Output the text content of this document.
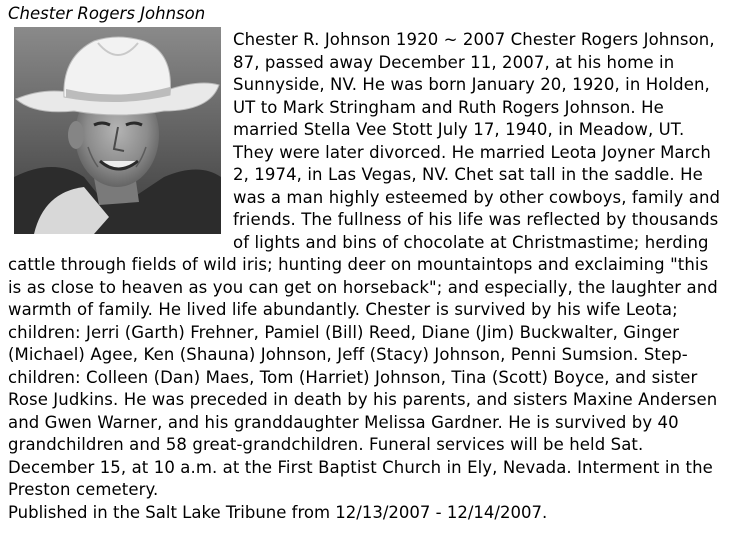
Chester Rogers Johnson

Chester R. Johnson 1920 ~ 2007 Chester Rogers Johnson, 87, passed away December 11, 2007, at his home in Sunnyside, NV. He was born January 20, 1920, in Holden, UT to Mark Stringham and Ruth Rogers Johnson. He married Stella Vee Stott July 17, 1940, in Meadow, UT. They were later divorced. He married Leota Joyner March 2, 1974, in Las Vegas, NV. Chet sat tall in the saddle. He was a man highly esteemed by other cowboys, family and friends. The fullness of his life was reflected by thousands of lights and bins of chocolate at Christmastime; herding cattle through fields of wild iris; hunting deer on mountaintops and exclaiming "this is as close to heaven as you can get on horseback"; and especially, the laughter and warmth of family. He lived life abundantly. Chester is survived by his wife Leota; children: Jerri (Garth) Frehner, Pamiel (Bill) Reed, Diane (Jim) Buckwalter, Ginger (Michael) Agee, Ken (Shauna) Johnson, Jeff (Stacy) Johnson, Penni Sumsion. Step-children: Colleen (Dan) Maes, Tom (Harriet) Johnson, Tina (Scott) Boyce, and sister Rose Judkins. He was preceded in death by his parents, and sisters Maxine Andersen and Gwen Warner, and his granddaughter Melissa Gardner. He is survived by 40 grandchildren and 58 great-grandchildren. Funeral services will be held Sat. December 15, at 10 a.m. at the First Baptist Church in Ely, Nevada. Interment in the Preston cemetery.

Published in the Salt Lake Tribune from 12/13/2007 - 12/14/2007.
